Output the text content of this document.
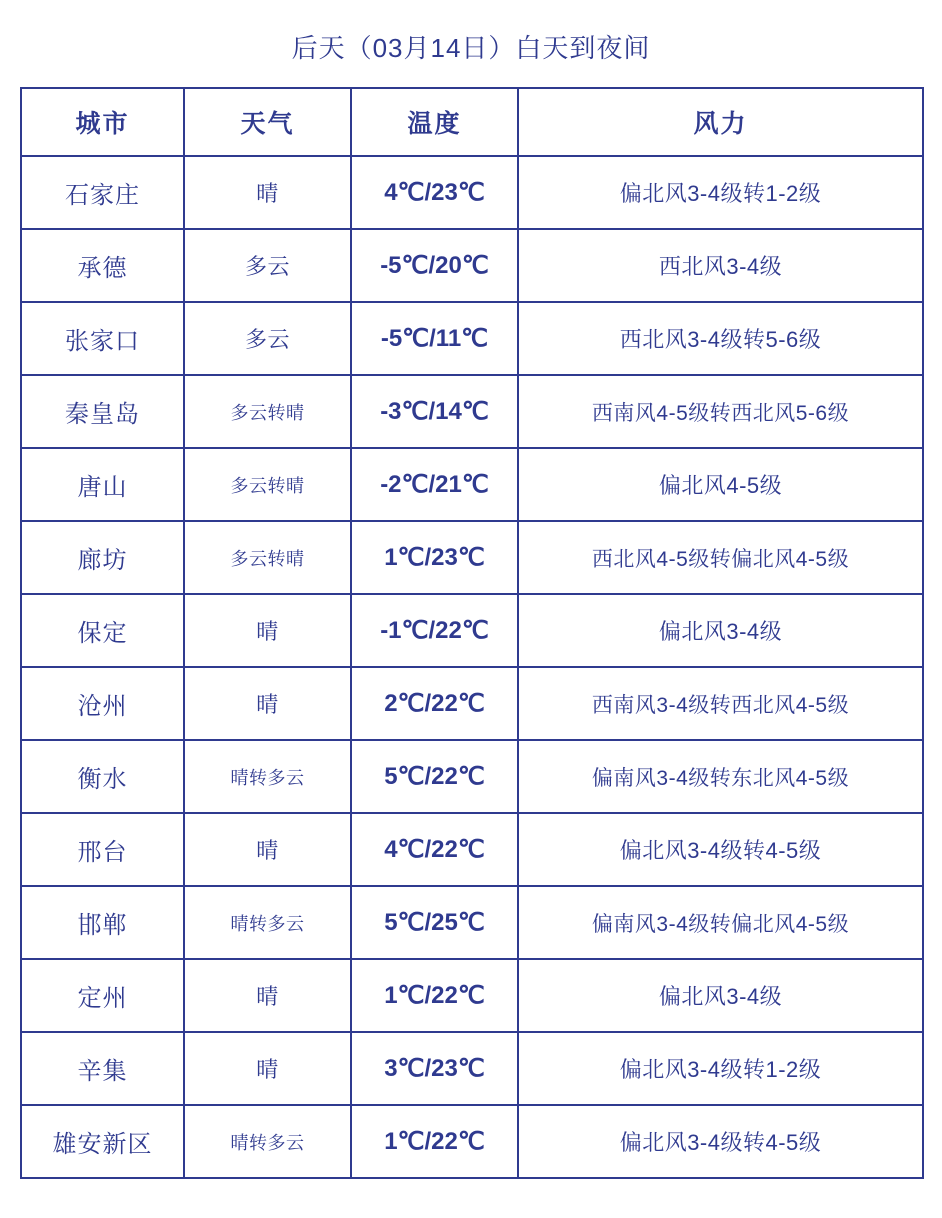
后天（03月14日）白天到夜间
城市	天气	温度	风力
石家庄	晴	4℃/23℃	偏北风3-4级转1-2级
承德	多云	-5℃/20℃	西北风3-4级
张家口	多云	-5℃/11℃	西北风3-4级转5-6级
秦皇岛	多云转晴	-3℃/14℃	西南风4-5级转西北风5-6级
唐山	多云转晴	-2℃/21℃	偏北风4-5级
廊坊	多云转晴	1℃/23℃	西北风4-5级转偏北风4-5级
保定	晴	-1℃/22℃	偏北风3-4级
沧州	晴	2℃/22℃	西南风3-4级转西北风4-5级
衡水	晴转多云	5℃/22℃	偏南风3-4级转东北风4-5级
邢台	晴	4℃/22℃	偏北风3-4级转4-5级
邯郸	晴转多云	5℃/25℃	偏南风3-4级转偏北风4-5级
定州	晴	1℃/22℃	偏北风3-4级
辛集	晴	3℃/23℃	偏北风3-4级转1-2级
雄安新区	晴转多云	1℃/22℃	偏北风3-4级转4-5级
